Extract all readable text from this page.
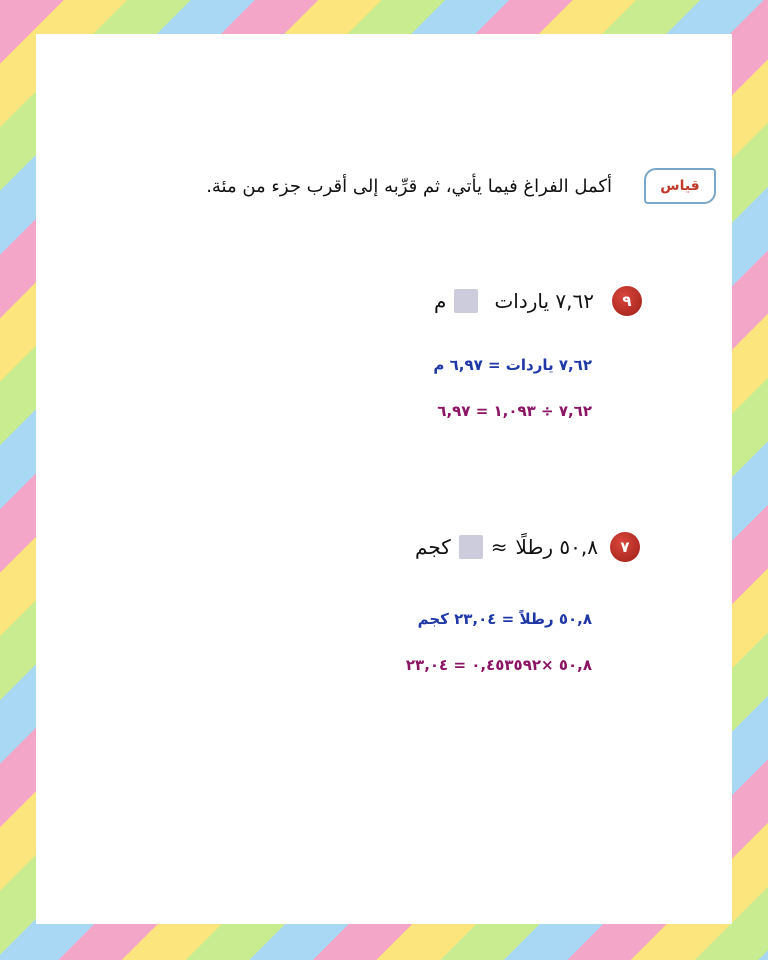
قياس
أكمل الفراغ فيما يأتي، ثم قرِّبه إلى أقرب جزء من مئة.
٩
٧,٦٢ ياردات
م
٧,٦٢ ياردات = ٦,٩٧ م
٧,٦٢ ÷ ١,٠٩٣ = ٦,٩٧
٧
٥٠,٨ رطلًا
≈
كجم
٥٠,٨ رطلاً = ٢٣,٠٤ كجم
٥٠,٨ ×٠,٤٥٣٥٩٢ = ٢٣,٠٤
